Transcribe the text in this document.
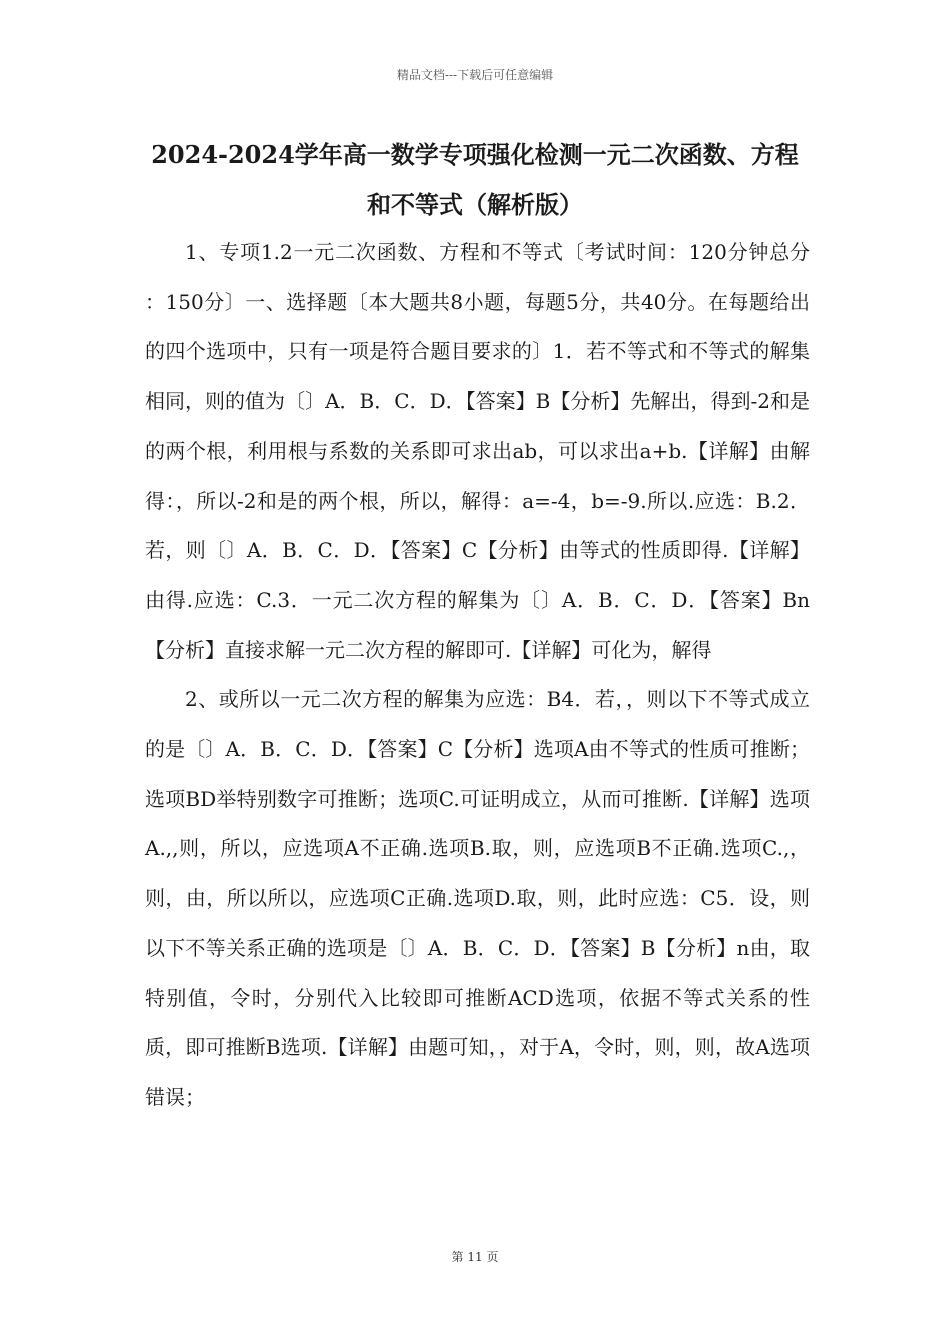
精品文档---下载后可任意编辑
2024-2024学年高一数学专项强化检测一元二次函数、方程和不等式（解析版）

1、专项1.2一元二次函数、方程和不等式〔考试时间：120分钟总分 ：150分〕一、选择题〔本大题共8小题，每题5分，共40分。在每题给出的四个选项中，只有一项是符合题目要求的〕1．若不等式和不等式的解集相同，则的值为〔〕A．B．C．D．【答案】B【分析】先解出，得到-2和是的两个根，利用根与系数的关系即可求出ab，可以求出a+b.【详解】由解得：，所以-2和是的两个根，所以，解得：a=-4，b=-9.所以.应选：B.2．若，则〔〕A．B．C．D．【答案】C【分析】由等式的性质即得.【详解】由得.应选：C.3．一元二次方程的解集为〔〕A．B．C．D．【答案】Bn【分析】直接求解一元二次方程的解即可.【详解】可化为，解得

2、或所以一元二次方程的解集为应选：B4．若，，则以下不等式成立的是〔〕A．B．C．D．【答案】C【分析】选项A由不等式的性质可推断；选项BD举特别数字可推断；选项C.可证明成立，从而可推断.【详解】选项A.,,则，所以，应选项A不正确.选项B.取，则，应选项B不正确.选项C.,，则，由，所以所以，应选项C正确.选项D.取，则，此时应选：C5．设，则以下不等关系正确的选项是〔〕A．B．C．D．【答案】B【分析】n由，取特别值，令时，分别代入比较即可推断ACD选项，依据不等式关系的性质，即可推断B选项.【详解】由题可知，，对于A，令时，则，则，故A选项错误；

第 11 页
